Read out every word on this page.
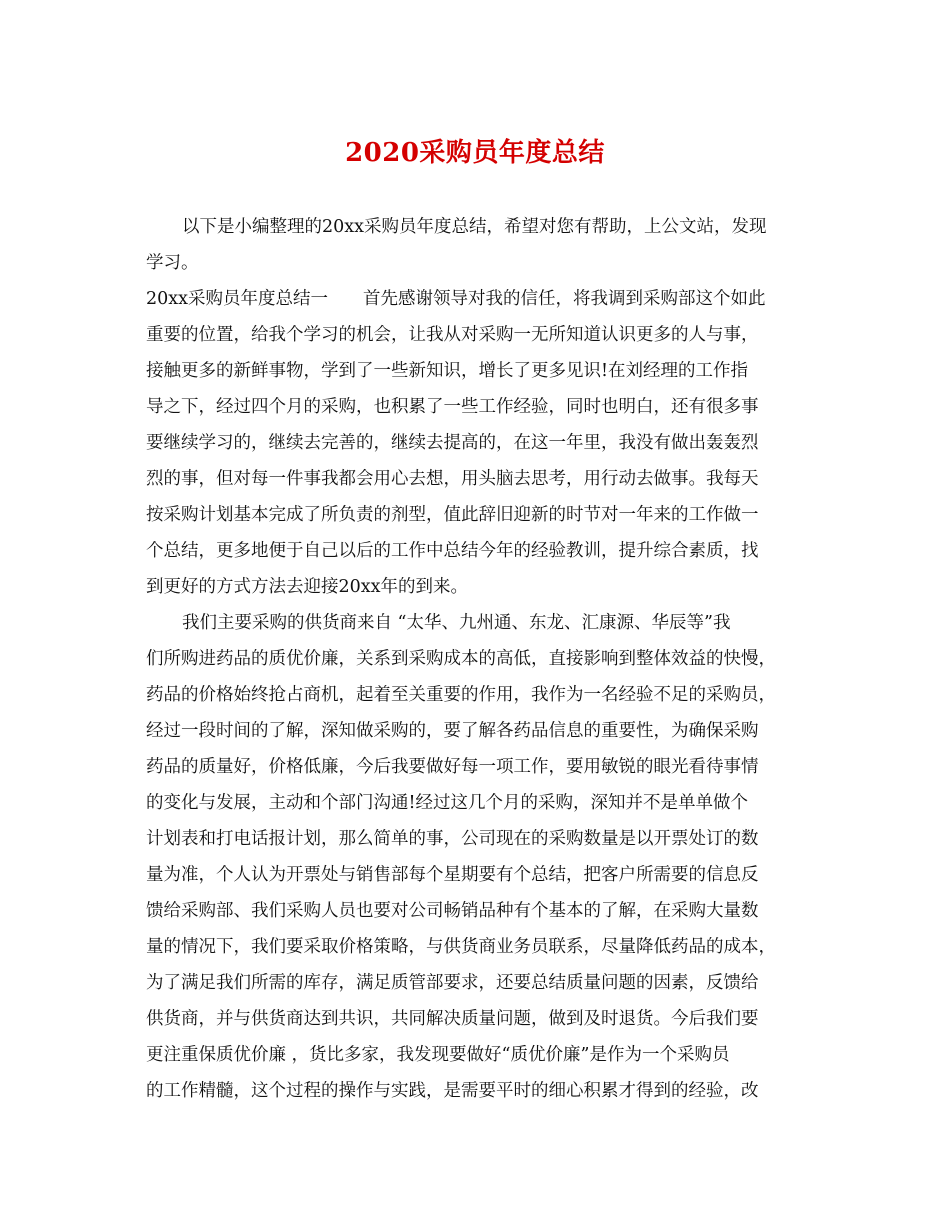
2020采购员年度总结
以下是小编整理的20xx采购员年度总结，希望对您有帮助，上公文站，发现
学习。
20xx采购员年度总结一　　首先感谢领导对我的信任，将我调到采购部这个如此
重要的位置，给我个学习的机会，让我从对采购一无所知道认识更多的人与事，
接触更多的新鲜事物，学到了一些新知识，增长了更多见识!在刘经理的工作指
导之下，经过四个月的采购，也积累了一些工作经验，同时也明白，还有很多事
要继续学习的，继续去完善的，继续去提高的，在这一年里，我没有做出轰轰烈
烈的事，但对每一件事我都会用心去想，用头脑去思考，用行动去做事。我每天
按采购计划基本完成了所负责的剂型，值此辞旧迎新的时节对一年来的工作做一
个总结，更多地便于自己以后的工作中总结今年的经验教训，提升综合素质，找
到更好的方式方法去迎接20xx年的到来。
我们主要采购的供货商来自 “太华、九州通、东龙、汇康源、华辰等”我
们所购进药品的质优价廉，关系到采购成本的高低，直接影响到整体效益的快慢，
药品的价格始终抢占商机，起着至关重要的作用，我作为一名经验不足的采购员，
经过一段时间的了解，深知做采购的，要了解各药品信息的重要性，为确保采购
药品的质量好，价格低廉，今后我要做好每一项工作，要用敏锐的眼光看待事情
的变化与发展，主动和个部门沟通!经过这几个月的采购，深知并不是单单做个
计划表和打电话报计划，那么简单的事，公司现在的采购数量是以开票处订的数
量为准，个人认为开票处与销售部每个星期要有个总结，把客户所需要的信息反
馈给采购部、我们采购人员也要对公司畅销品种有个基本的了解，在采购大量数
量的情况下，我们要采取价格策略，与供货商业务员联系，尽量降低药品的成本，
为了满足我们所需的库存，满足质管部要求，还要总结质量问题的因素，反馈给
供货商，并与供货商达到共识，共同解决质量问题，做到及时退货。今后我们要
更注重保质优价廉 ，货比多家，我发现要做好“质优价廉”是作为一个采购员
的工作精髓，这个过程的操作与实践，是需要平时的细心积累才得到的经验，改
